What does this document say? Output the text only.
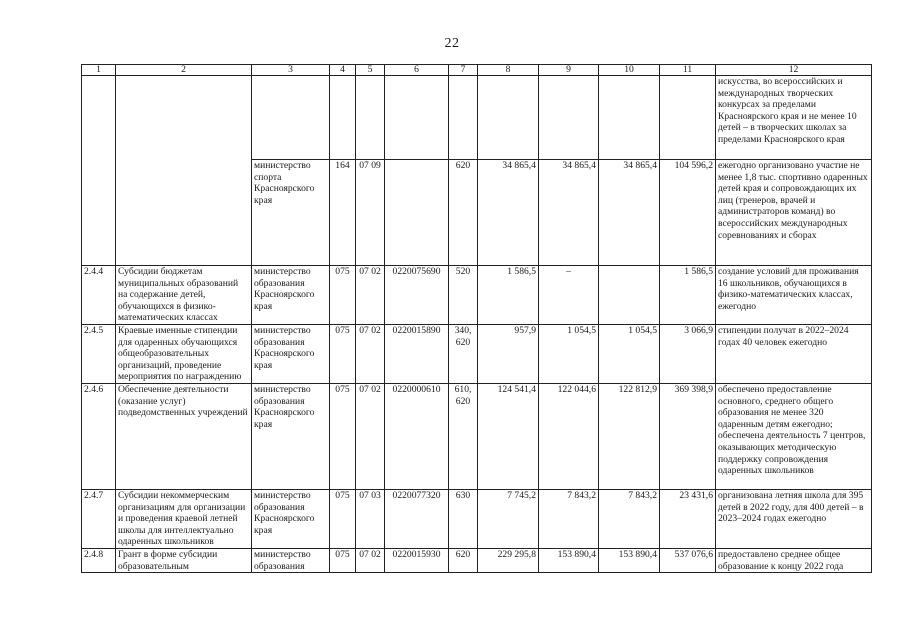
22
1	2	3	4	5	6	7	8	9	10	11	12
											искусства, во всероссийских и международных творческих конкурсах за пределами Красноярского края и не менее 10 детей – в творческих школах за пределами Красноярского края
		министерство спорта Красноярского края	164	07 09		620	34 865,4	34 865,4	34 865,4	104 596,2	ежегодно организовано участие не менее 1,8 тыс. спортивно одаренных детей края и сопровождающих их лиц (тренеров, врачей и администраторов команд) во всероссийских международных соревнованиях и сборах
2.4.4	Субсидии бюджетам муниципальных образований на содержание детей, обучающихся в физико-математических классах	министерство образования Красноярского края	075	07 02	0220075690	520	1 586,5	–		1 586,5	создание условий для проживания 16 школьников, обучающихся в физико-математических классах, ежегодно
2.4.5	Краевые именные стипендии для одаренных обучающихся общеобразовательных организаций, проведение мероприятия по награждению	министерство образования Красноярского края	075	07 02	0220015890	340, 620	957,9	1 054,5	1 054,5	3 066,9	стипендии получат в 2022–2024 годах 40 человек ежегодно
2.4.6	Обеспечение деятельности (оказание услуг) подведомственных учреждений	министерство образования Красноярского края	075	07 02	0220000610	610, 620	124 541,4	122 044,6	122 812,9	369 398,9	обеспечено предоставление основного, среднего общего образования не менее 320 одаренным детям ежегодно; обеспечена деятельность 7 центров, оказывающих методическую поддержку сопровождения одаренных школьников
2.4.7	Субсидии некоммерческим организациям для организации и проведения краевой летней школы для интеллектуально одаренных школьников	министерство образования Красноярского края	075	07 03	0220077320	630	7 745,2	7 843,2	7 843,2	23 431,6	организована летняя школа для 395 детей в 2022 году, для 400 детей – в 2023–2024 годах ежегодно
2.4.8	Грант в форме субсидии образовательным	министерство образования	075	07 02	0220015930	620	229 295,8	153 890,4	153 890,4	537 076,6	предоставлено среднее общее образование к концу 2022 года
